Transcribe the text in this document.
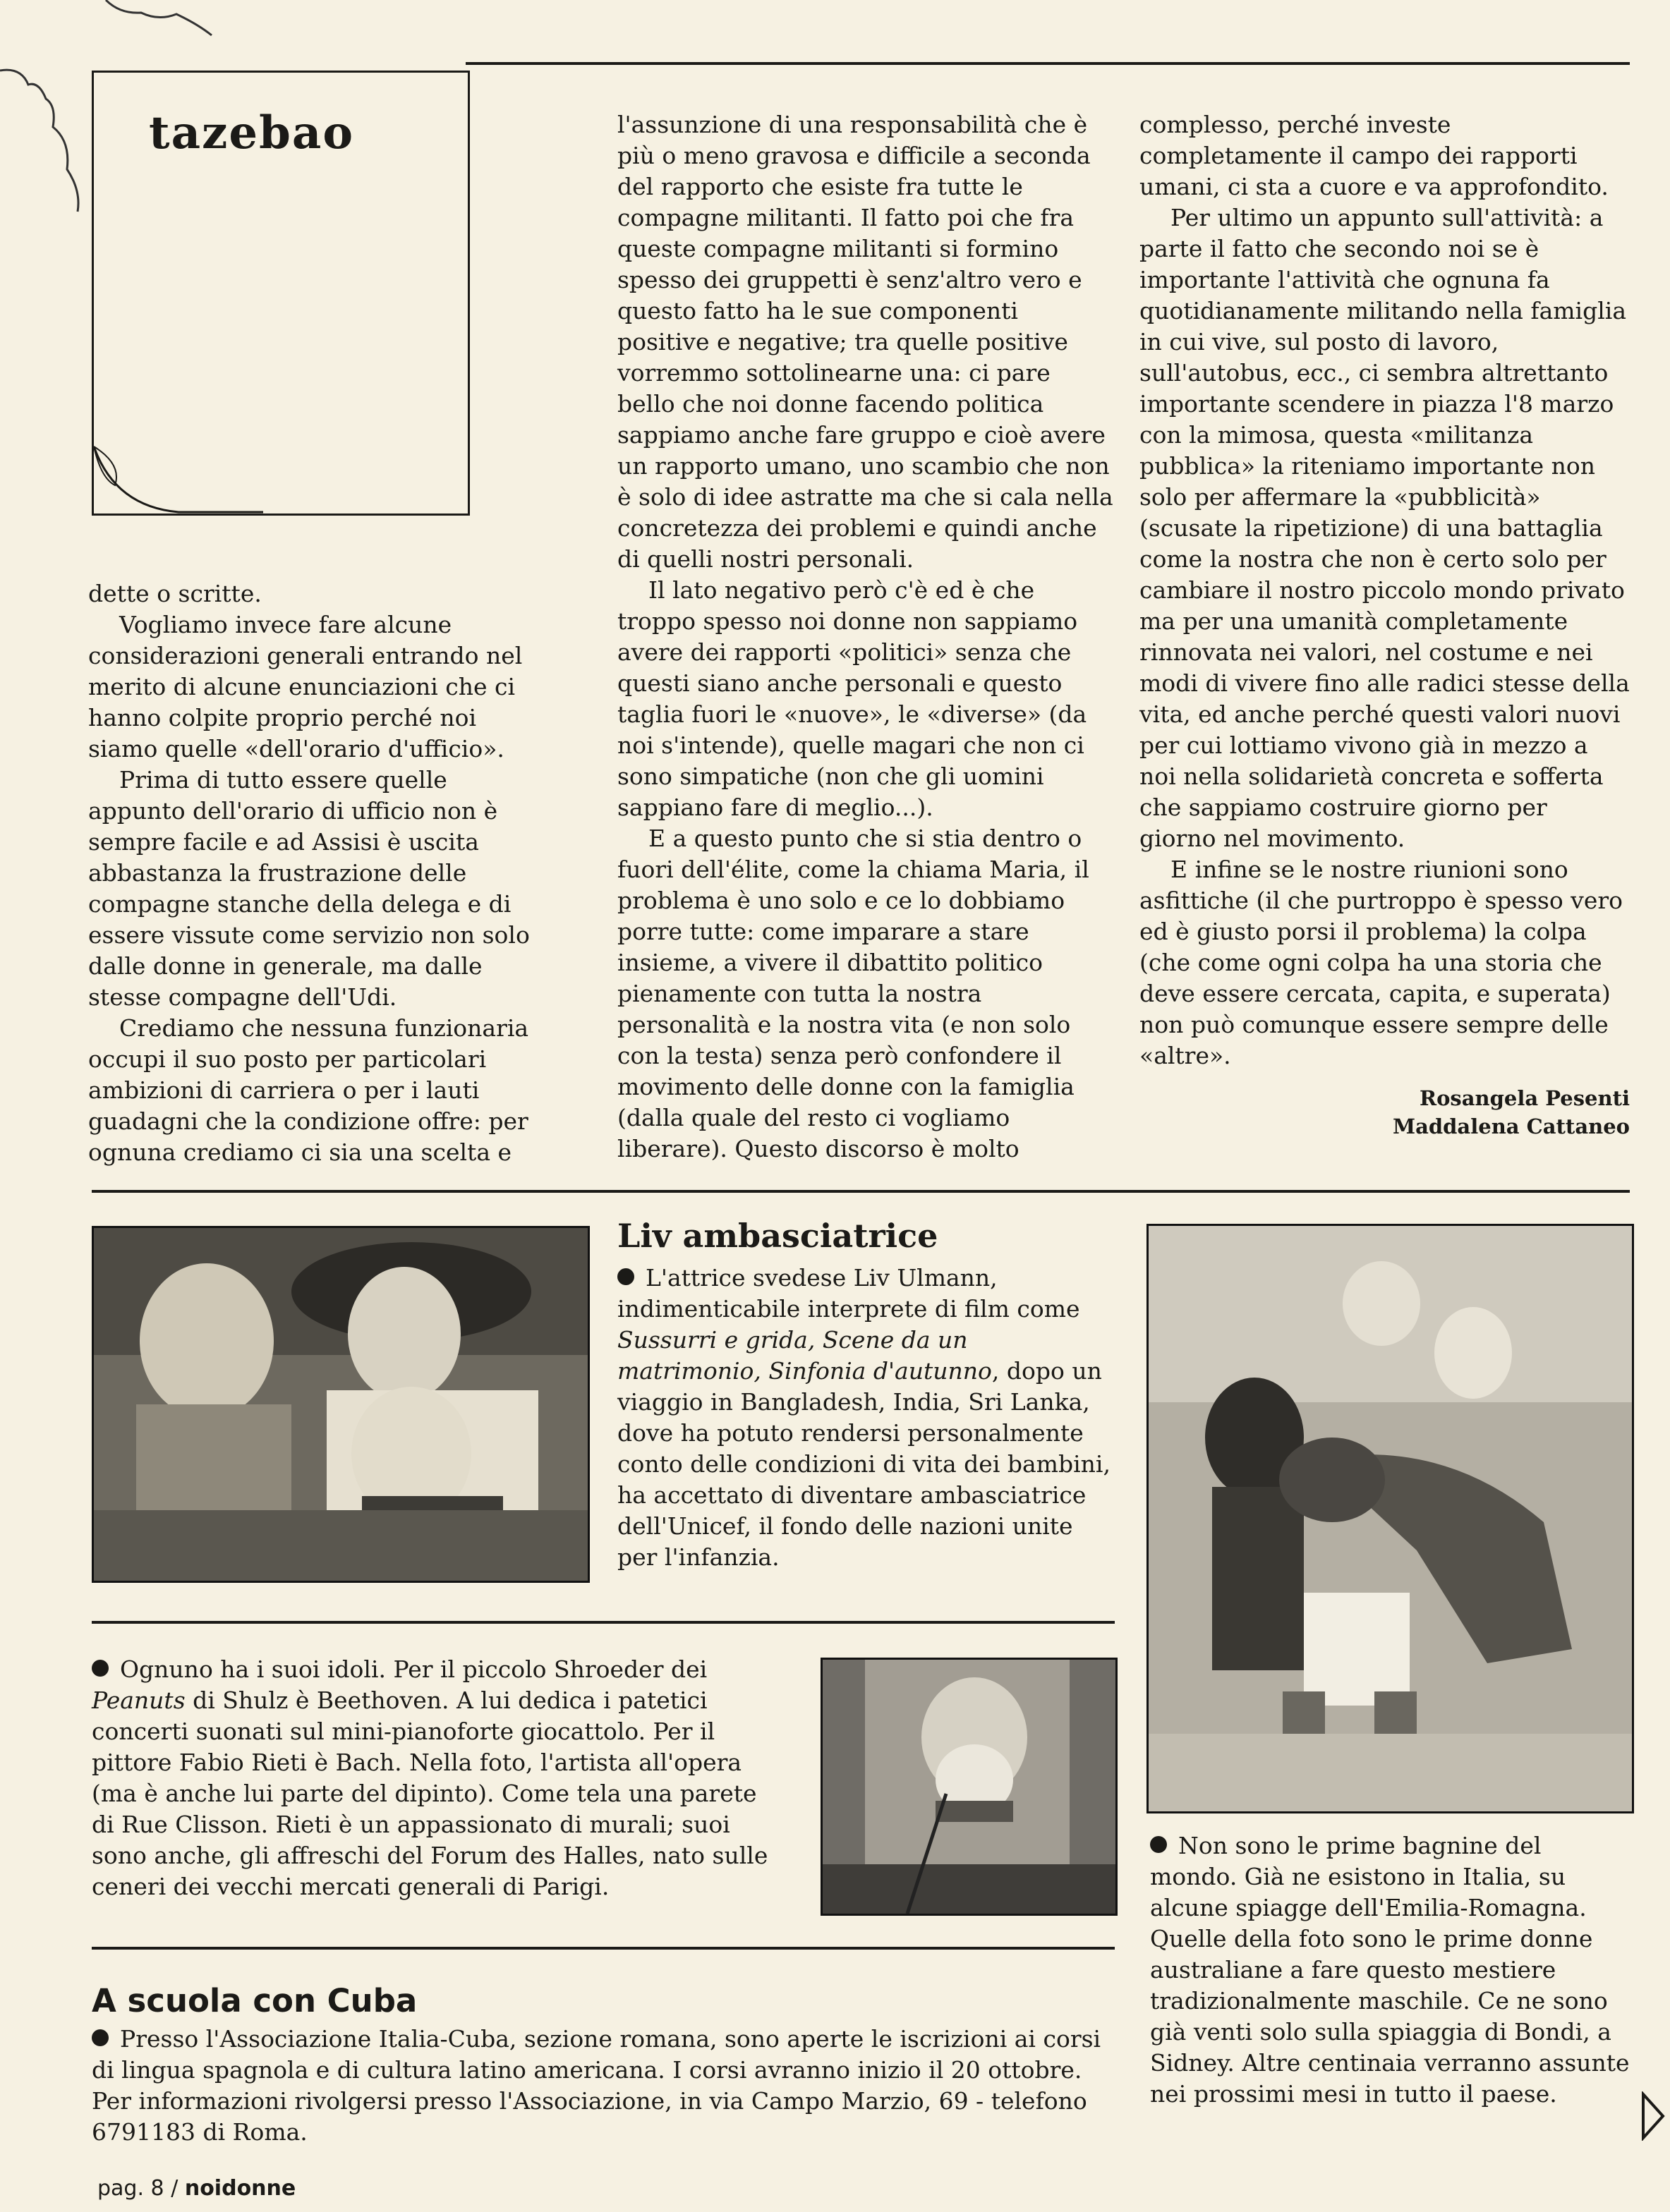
tazebao

dette o scritte.

Vogliamo invece fare alcune considerazioni generali entrando nel merito di alcune enunciazioni che ci hanno colpite proprio perché noi siamo quelle «dell'orario d'ufficio».

Prima di tutto essere quelle appunto dell'orario di ufficio non è sempre facile e ad Assisi è uscita abbastanza la frustrazione delle compagne stanche della delega e di essere vissute come servizio non solo dalle donne in generale, ma dalle stesse compagne dell'Udi.

Crediamo che nessuna funzionaria occupi il suo posto per particolari ambizioni di carriera o per i lauti guadagni che la condizione offre: per ognuna crediamo ci sia una scelta e

l'assunzione di una responsabilità che è più o meno gravosa e difficile a seconda del rapporto che esiste fra tutte le compagne militanti. Il fatto poi che fra queste compagne militanti si formino spesso dei gruppetti è senz'altro vero e questo fatto ha le sue componenti positive e negative; tra quelle positive vorremmo sottolinearne una: ci pare bello che noi donne facendo politica sappiamo anche fare gruppo e cioè avere un rapporto umano, uno scambio che non è solo di idee astratte ma che si cala nella concretezza dei problemi e quindi anche di quelli nostri personali.

Il lato negativo però c'è ed è che troppo spesso noi donne non sappiamo avere dei rapporti «politici» senza che questi siano anche personali e questo taglia fuori le «nuove», le «diverse» (da noi s'intende), quelle magari che non ci sono simpatiche (non che gli uomini sappiano fare di meglio...).

E a questo punto che si stia dentro o fuori dell'élite, come la chiama Maria, il problema è uno solo e ce lo dobbiamo porre tutte: come imparare a stare insieme, a vivere il dibattito politico pienamente con tutta la nostra personalità e la nostra vita (e non solo con la testa) senza però confondere il movimento delle donne con la famiglia (dalla quale del resto ci vogliamo liberare). Questo discorso è molto

complesso, perché investe completamente il campo dei rapporti umani, ci sta a cuore e va approfondito.

Per ultimo un appunto sull'attività: a parte il fatto che secondo noi se è importante l'attività che ognuna fa quotidianamente militando nella famiglia in cui vive, sul posto di lavoro, sull'autobus, ecc., ci sembra altrettanto importante scendere in piazza l'8 marzo con la mimosa, questa «militanza pubblica» la riteniamo importante non solo per affermare la «pubblicità» (scusate la ripetizione) di una battaglia come la nostra che non è certo solo per cambiare il nostro piccolo mondo privato ma per una umanità completamente rinnovata nei valori, nel costume e nei modi di vivere fino alle radici stesse della vita, ed anche perché questi valori nuovi per cui lottiamo vivono già in mezzo a noi nella solidarietà concreta e sofferta che sappiamo costruire giorno per giorno nel movimento.

E infine se le nostre riunioni sono asfittiche (il che purtroppo è spesso vero ed è giusto porsi il problema) la colpa (che come ogni colpa ha una storia che deve essere cercata, capita, e superata) non può comunque essere sempre delle «altre».

Rosangela Pesenti
Maddalena Cattaneo
Liv ambasciatrice
L'attrice svedese Liv Ulmann, indimenticabile interprete di film come Sussurri e grida, Scene da un matrimonio, Sinfonia d'autunno, dopo un viaggio in Bangladesh, India, Sri Lanka, dove ha potuto rendersi personalmente conto delle condizioni di vita dei bambini, ha accettato di diventare ambasciatrice dell'Unicef, il fondo delle nazioni unite per l'infanzia.
Ognuno ha i suoi idoli. Per il piccolo Shroeder dei Peanuts di Shulz è Beethoven. A lui dedica i patetici concerti suonati sul mini-pianoforte giocattolo. Per il pittore Fabio Rieti è Bach. Nella foto, l'artista all'opera (ma è anche lui parte del dipinto). Come tela una parete di Rue Clisson. Rieti è un appassionato di murali; suoi sono anche, gli affreschi del Forum des Halles, nato sulle ceneri dei vecchi mercati generali di Parigi.
Non sono le prime bagnine del mondo. Già ne esistono in Italia, su alcune spiagge dell'Emilia-Romagna. Quelle della foto sono le prime donne australiane a fare questo mestiere tradizionalmente maschile. Ce ne sono già venti solo sulla spiaggia di Bondi, a Sidney. Altre centinaia verranno assunte nei prossimi mesi in tutto il paese.
A scuola con Cuba
Presso l'Associazione Italia-Cuba, sezione romana, sono aperte le iscrizioni ai corsi di lingua spagnola e di cultura latino americana. I corsi avranno inizio il 20 ottobre. Per informazioni rivolgersi presso l'Associazione, in via Campo Marzio, 69 - telefono 6791183 di Roma.
pag. 8 / noidonne
